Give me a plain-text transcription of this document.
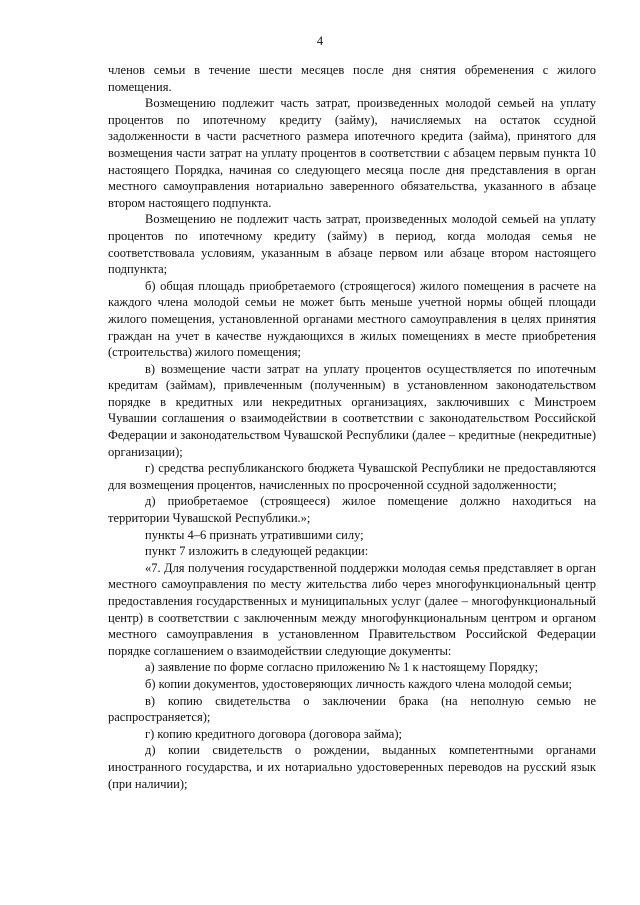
4

членов семьи в течение шести месяцев после дня снятия обременения с жилого помещения.

Возмещению подлежит часть затрат, произведенных молодой семьей на уплату процентов по ипотечному кредиту (займу), начисляемых на остаток ссудной задолженности в части расчетного размера ипотечного кредита (займа), принятого для возмещения части затрат на уплату процентов в соответствии с абзацем первым пункта 10 настоящего Порядка, начиная со следующего месяца после дня представления в орган местного самоуправления нотариально заверенного обязательства, указанного в абзаце втором настоящего подпункта.

Возмещению не подлежит часть затрат, произведенных молодой семьей на уплату процентов по ипотечному кредиту (займу) в период, когда молодая семья не соответствовала условиям, указанным в абзаце первом или абзаце втором настоящего подпункта;

б) общая площадь приобретаемого (строящегося) жилого помещения в расчете на каждого члена молодой семьи не может быть меньше учетной нормы общей площади жилого помещения, установленной органами местного самоуправления в целях принятия граждан на учет в качестве нуждающихся в жилых помещениях в месте приобретения (строительства) жилого помещения;

в) возмещение части затрат на уплату процентов осуществляется по ипотечным кредитам (займам), привлеченным (полученным) в установленном законодательством порядке в кредитных или некредитных организациях, заключивших с Минстроем Чувашии соглашения о взаимодействии в соответствии с законодательством Российской Федерации и законодательством Чувашской Республики (далее – кредитные (некредитные) организации);

г) средства республиканского бюджета Чувашской Республики не предоставляются для возмещения процентов, начисленных по просроченной ссудной задолженности;

д) приобретаемое (строящееся) жилое помещение должно находиться на территории Чувашской Республики.»;

пункты 4–6 признать утратившими силу;

пункт 7 изложить в следующей редакции:

«7. Для получения государственной поддержки молодая семья представляет в орган местного самоуправления по месту жительства либо через многофункциональный центр предоставления государственных и муниципальных услуг (далее – многофункциональный центр) в соответствии с заключенным между многофункциональным центром и органом местного самоуправления в установленном Правительством Российской Федерации порядке соглашением о взаимодействии следующие документы:

а) заявление по форме согласно приложению № 1 к настоящему Порядку;

б) копии документов, удостоверяющих личность каждого члена молодой семьи;

в) копию свидетельства о заключении брака (на неполную семью не распространяется);

г) копию кредитного договора (договора займа);

д) копии свидетельств о рождении, выданных компетентными органами иностранного государства, и их нотариально удостоверенных переводов на русский язык (при наличии);
